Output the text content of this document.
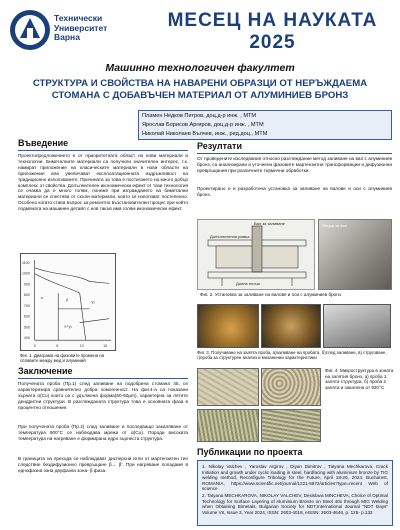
Технически
Университет
Варна
МЕСЕЦ НА НАУКАТА
2025
Машинно технологичен факултет
СТРУКТУРА И СВОЙСТВА НА НАВАРЕНИ ОБРАЗЦИ ОТ НЕРЪЖДАЕМА
СТОМАНА С ДОБАВЪЧЕН МАТЕРИАЛ ОТ АЛУМИНИЕВ БРОНЗ
Пламен Недков Петров, доц.д-р инж. , МТМ
Ярослав Борисов Аргиров, доц.д-р инж. , МТМ
Николай Николаев Вълчев, инж., ред.доц., МТМ
Въведение
Проектопредложението е от приоритетната област на нови материали и технологии. Биметалните материали са получили значителен интерес, т.к. намират приложение на класическите материали в нови области на приложение или увеличават експлоатационната издръжливост на традиционно използваните. Причината за това е постигането на много добър комплекс от свойства. Допълнителен икономически ефект от тази технология се очаква да е много голям, понеже при изграждането на биметални материали се спестява от скъпи материали, които се използват постепенно. Особено когато става въпрос за ремонтно възстановителен процес при който подмяната на машинен детайл с нов такъв има голям икономически ефект.
α	β	γ₂
α+γ₂
1100
1000
900
800
700
600
500
400
0	5	10	15
Фиг. 1. Диаграма на фазовите промени на сплавите между мед и алуминий
Заключение
Получената проба (Пр.1) след заливане на подобрена стомана 45, се характеризира сравнително добра хомогенност. На фиг.4-а са показани зърната α(Cu) които са с удължена форма(50-60μm), характерна за лятите дендритни структури. В разглежданата структура това е основната фаза в процентно отношение.
При получената проба (Пр.2) след заливане и последващо закаляване от температура 900°C се наблюдава мрежа от α(Cu). Породи високата температура на нагряване е формирана едро зърнеста структура.
В границата на прехода се наблюдават дисперсни игли от мартензитен тип следствие бездифузионно превръщане β→ β'. При нагряване попадаме в еднофазна зона двуфазна зона- β фаза.
Резултати
От проведените изследвания относно разглеждание метод заливане на вал с алуминиев бронз, са анализирани и уточнени фазовите мартензитни трансформации и дифузионни превръщания при различните термични обработки.
Проектирано е и разработена установка за заливане на валове и оси с алуминиев бронз.
Вал за заливане
Допълнителна рамка
Долна плоча
Опора за вал
Фиг. 2. Установка за заливане на валове и оси с алуминиев бронз
Фиг. 3. Получаване на залята проба, а)заливане на пробата, б)след заливане, в) струговане, г)проба за структурен анализ и механични характеристики
Фиг. 4. Микроструктура в зоната на залятия бронз, а) проба 1 залята структура, б) проба 2 залята и закалена от 920°C
Публикации по проекта
1. Nikolay Valchev , Yaroslav Argirov , Diyan Dimitrov , Tatyana Mechkarova, Crack Initiation and growth under cyclic loading in steel, hardfacing with aluminium bronze by TIG welding method, Reconfigure Tribology for the Future, April 18-20, 2024, Bucharest, ROMANIA, https://www.scientific.net/journal/1221-5872/articles?type=recent Web of science
2. Tatyana MECHKAROVA, NIKOLAY VALCHEV, Desislava MINCHEVA, Choice of Optimal Technology for Surface Layering of Aluminium Bronze on Steel 40x through MIG Welding when Obtaining Bimetals, Bulgarian Society for NDT,International Journal "NDT Days" Volume VII, Issue 3, Year 2024, ISSN: 2603-4018, eISSN: 2603-4646, p. 125- p.132
